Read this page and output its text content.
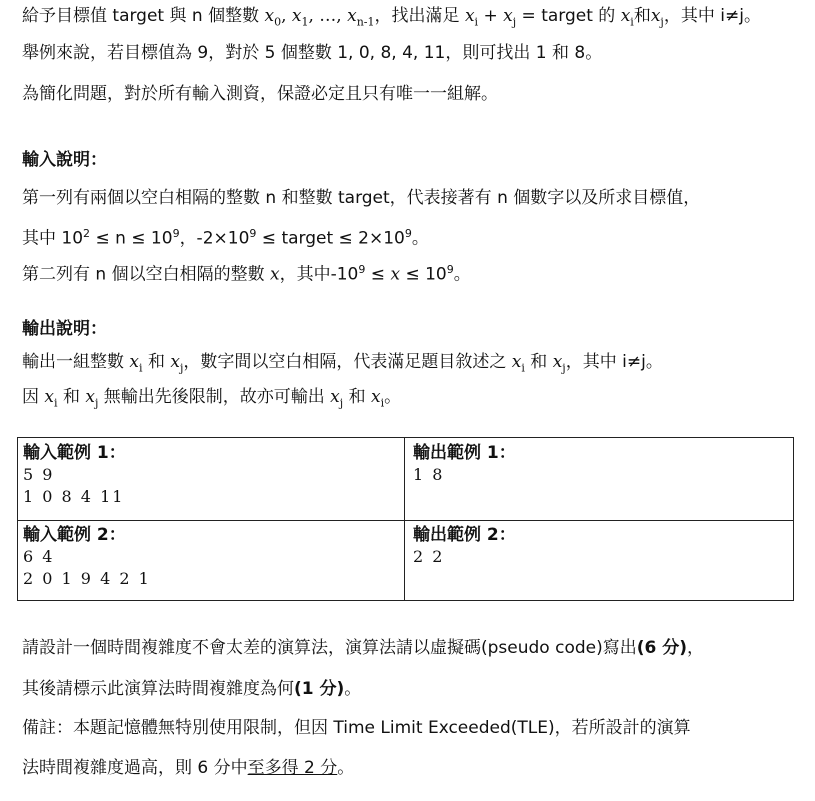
給予目標值 target 與 n 個整數 $x_0$, $x_1$, …, $x_{n-1}$，找出滿足 $x_i + x_j$ = target 的 $x_i$和$x_j$，其中 i≠j。
舉例來說，若目標值為 9，對於 5 個整數 1, 0, 8, 4, 11，則可找出 1 和 8。
為簡化問題，對於所有輸入測資，保證必定且只有唯一一組解。
輸入說明：
第一列有兩個以空白相隔的整數 n 和整數 target，代表接著有 n 個數字以及所求目標值，
其中 $10^2 \le n \le 10^9$，$-2\times 10^9$ ≤ target ≤ $2\times 10^9$。
第二列有 n 個以空白相隔的整數 x，其中$-10^9 \le x \le 10^9$。
輸出說明：
輸出一組整數 $x_i$ 和 $x_j$，數字間以空白相隔，代表滿足題目敘述之 $x_i$ 和 $x_j$，其中 i≠j。
因 $x_i$ 和 $x_j$ 無輸出先後限制，故亦可輸出 $x_j$ 和 $x_i$。
輸入範例 1：
5 9
1 0 8 4 11
輸出範例 1：
1 8
輸入範例 2：
6 4
2 0 1 9 4 2 1
輸出範例 2：
2 2
請設計一個時間複雜度不會太差的演算法，演算法請以虛擬碼(pseudo code)寫出(6 分)，
其後請標示此演算法時間複雜度為何(1 分)。
備註：本題記憶體無特別使用限制，但因 Time Limit Exceeded(TLE)，若所設計的演算
法時間複雜度過高，則 6 分中至多得 2 分。
